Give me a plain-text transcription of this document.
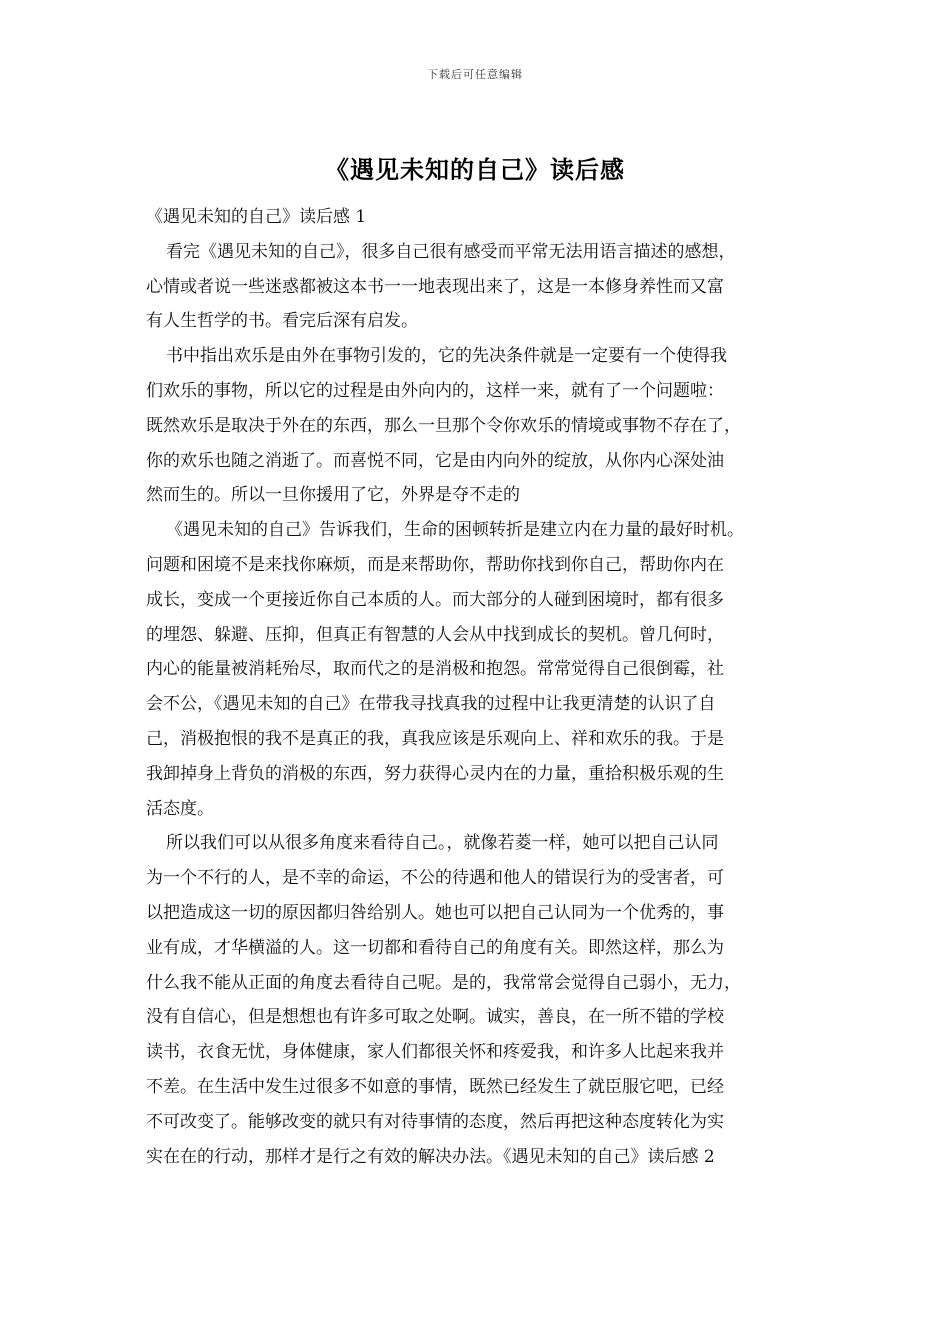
下载后可任意编辑
《遇见未知的自己》读后感
《遇见未知的自己》读后感 1
看完《遇见未知的自己》，很多自己很有感受而平常无法用语言描述的感想，
心情或者说一些迷惑都被这本书一一地表现出来了，这是一本修身养性而又富
有人生哲学的书。看完后深有启发。
书中指出欢乐是由外在事物引发的，它的先决条件就是一定要有一个使得我
们欢乐的事物，所以它的过程是由外向内的，这样一来，就有了一个问题啦：
既然欢乐是取决于外在的东西，那么一旦那个令你欢乐的情境或事物不存在了，
你的欢乐也随之消逝了。而喜悦不同，它是由内向外的绽放，从你内心深处油
然而生的。所以一旦你援用了它，外界是夺不走的
《遇见未知的自己》告诉我们，生命的困顿转折是建立内在力量的最好时机。
问题和困境不是来找你麻烦，而是来帮助你，帮助你找到你自己，帮助你内在
成长，变成一个更接近你自己本质的人。而大部分的人碰到困境时，都有很多
的埋怨、躲避、压抑，但真正有智慧的人会从中找到成长的契机。曾几何时，
内心的能量被消耗殆尽，取而代之的是消极和抱怨。常常觉得自己很倒霉，社
会不公，《遇见未知的自己》在带我寻找真我的过程中让我更清楚的认识了自
己，消极抱恨的我不是真正的我，真我应该是乐观向上、祥和欢乐的我。于是
我卸掉身上背负的消极的东西，努力获得心灵内在的力量，重拾积极乐观的生
活态度。
所以我们可以从很多角度来看待自己。，就像若菱一样，她可以把自己认同
为一个不行的人，是不幸的命运，不公的待遇和他人的错误行为的受害者，可
以把造成这一切的原因都归咎给别人。她也可以把自己认同为一个优秀的，事
业有成，才华横溢的人。这一切都和看待自己的角度有关。即然这样，那么为
什么我不能从正面的角度去看待自己呢。是的，我常常会觉得自己弱小，无力，
没有自信心，但是想想也有许多可取之处啊。诚实，善良，在一所不错的学校
读书，衣食无忧，身体健康，家人们都很关怀和疼爱我，和许多人比起来我并
不差。在生活中发生过很多不如意的事情，既然已经发生了就臣服它吧，已经
不可改变了。能够改变的就只有对待事情的态度，然后再把这种态度转化为实
实在在的行动，那样才是行之有效的解决办法。《遇见未知的自己》读后感 2
